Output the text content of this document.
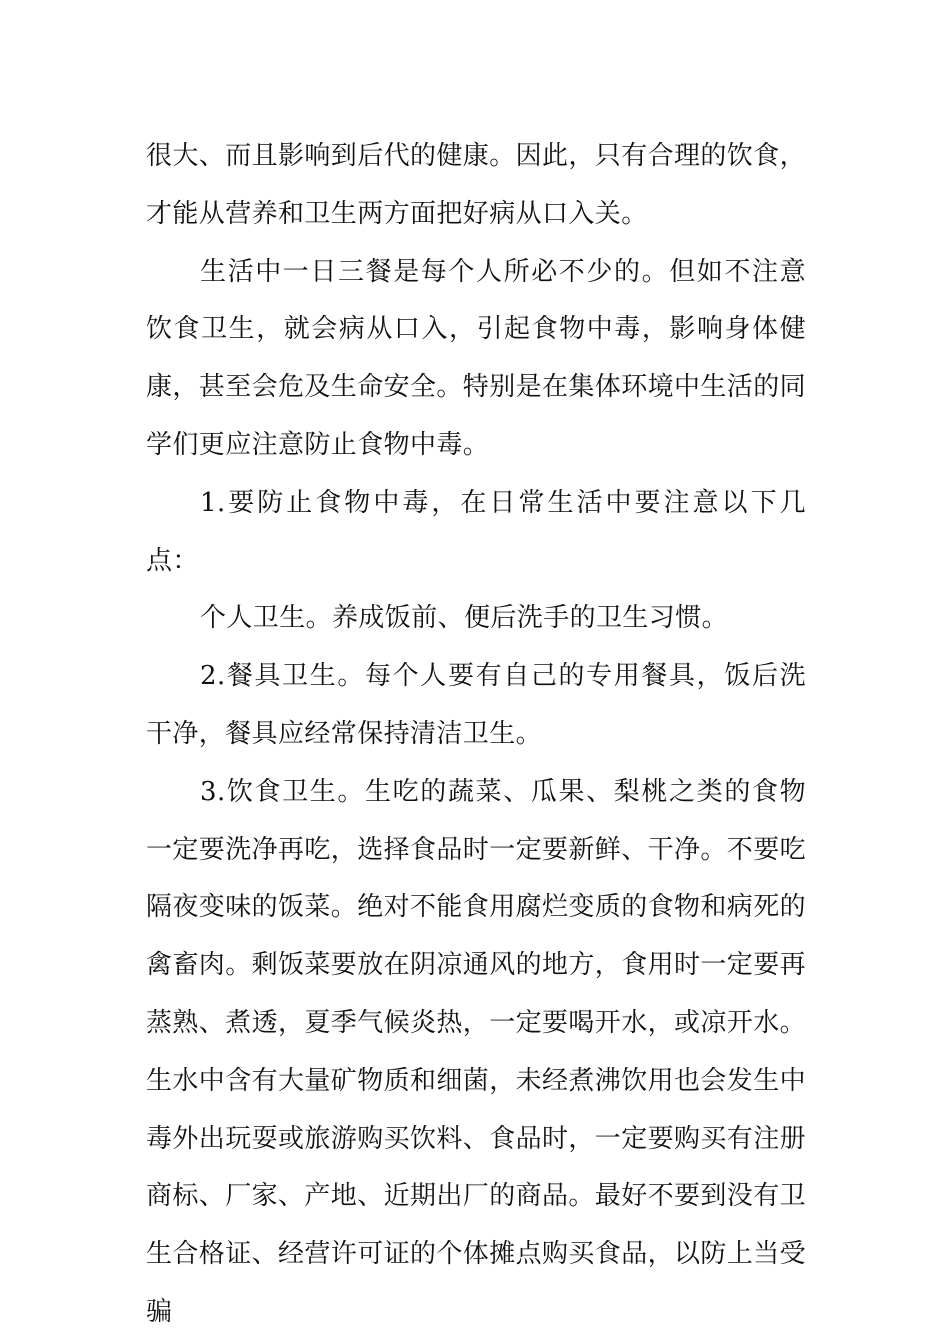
很大、而且影响到后代的健康。因此，只有合理的饮食，才能从营养和卫生两方面把好病从口入关。

生活中一日三餐是每个人所必不少的。但如不注意饮食卫生，就会病从口入，引起食物中毒，影响身体健康，甚至会危及生命安全。特别是在集体环境中生活的同学们更应注意防止食物中毒。

1.要防止食物中毒，在日常生活中要注意以下几点：

个人卫生。养成饭前、便后洗手的卫生习惯。

2.餐具卫生。每个人要有自己的专用餐具，饭后洗干净，餐具应经常保持清洁卫生。

3.饮食卫生。生吃的蔬菜、瓜果、梨桃之类的食物一定要洗净再吃，选择食品时一定要新鲜、干净。不要吃隔夜变味的饭菜。绝对不能食用腐烂变质的食物和病死的禽畜肉。剩饭菜要放在阴凉通风的地方，食用时一定要再蒸熟、煮透，夏季气候炎热，一定要喝开水，或凉开水。生水中含有大量矿物质和细菌，未经煮沸饮用也会发生中毒外出玩耍或旅游购买饮料、食品时，一定要购买有注册商标、厂家、产地、近期出厂的商品。最好不要到没有卫生合格证、经营许可证的个体摊点购买食品，以防上当受骗
